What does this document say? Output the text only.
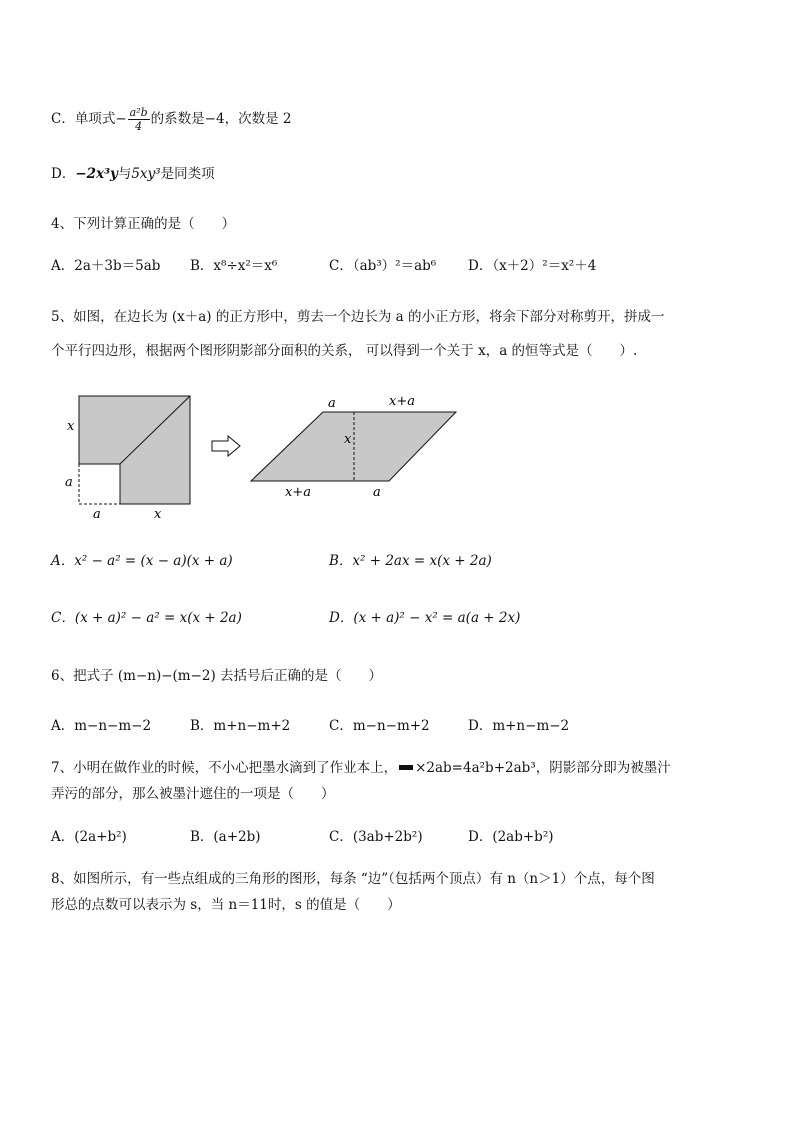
C．单项式− $\frac{\text{a²b}}{4}$ 的系数是−4，次数是 2
D．−2x³y与5xy³是同类项
4、下列计算正确的是（　　）
A．2a＋3b＝5ab B．x⁸÷x²＝x⁶	C．（ab³）²＝ab⁶ D．（x＋2）²＝x²＋4
5、如图，在边长为 (x＋a) 的正方形中，剪去一个边长为 a 的小正方形，将余下部分对称剪开，拼成一
个平行四边形，根据两个图形阴影部分面积的关系， 可以得到一个关于 x，a 的恒等式是（　　）.
x
a
a	x
a	x+a
x
x+a	a
A．x² − a² = (x − a)(x + a)	B．x² + 2ax = x(x + 2a)
C．(x + a)² − a² = x(x + 2a)	D．(x + a)² − x² = a(a + 2x)
6、把式子 (m−n)−(m−2) 去括号后正确的是（　　）
A．m−n−m−2	B．m+n−m+2	C．m−n−m+2	D．m+n−m−2
7、小明在做作业的时候，不小心把墨水滴到了作业本上， ×2ab=4a²b+2ab³，阴影部分即为被墨汁
弄污的部分，那么被墨汁遮住的一项是（　　）
A．(2a+b²)	B．(a+2b)	C．(3ab+2b²)	D．(2ab+b²)
8、如图所示，有一些点组成的三角形的图形，每条 “边”（包括两个顶点）有 n（n＞1）个点，每个图
形总的点数可以表示为 s，当 n＝11时，s 的值是（　　）
